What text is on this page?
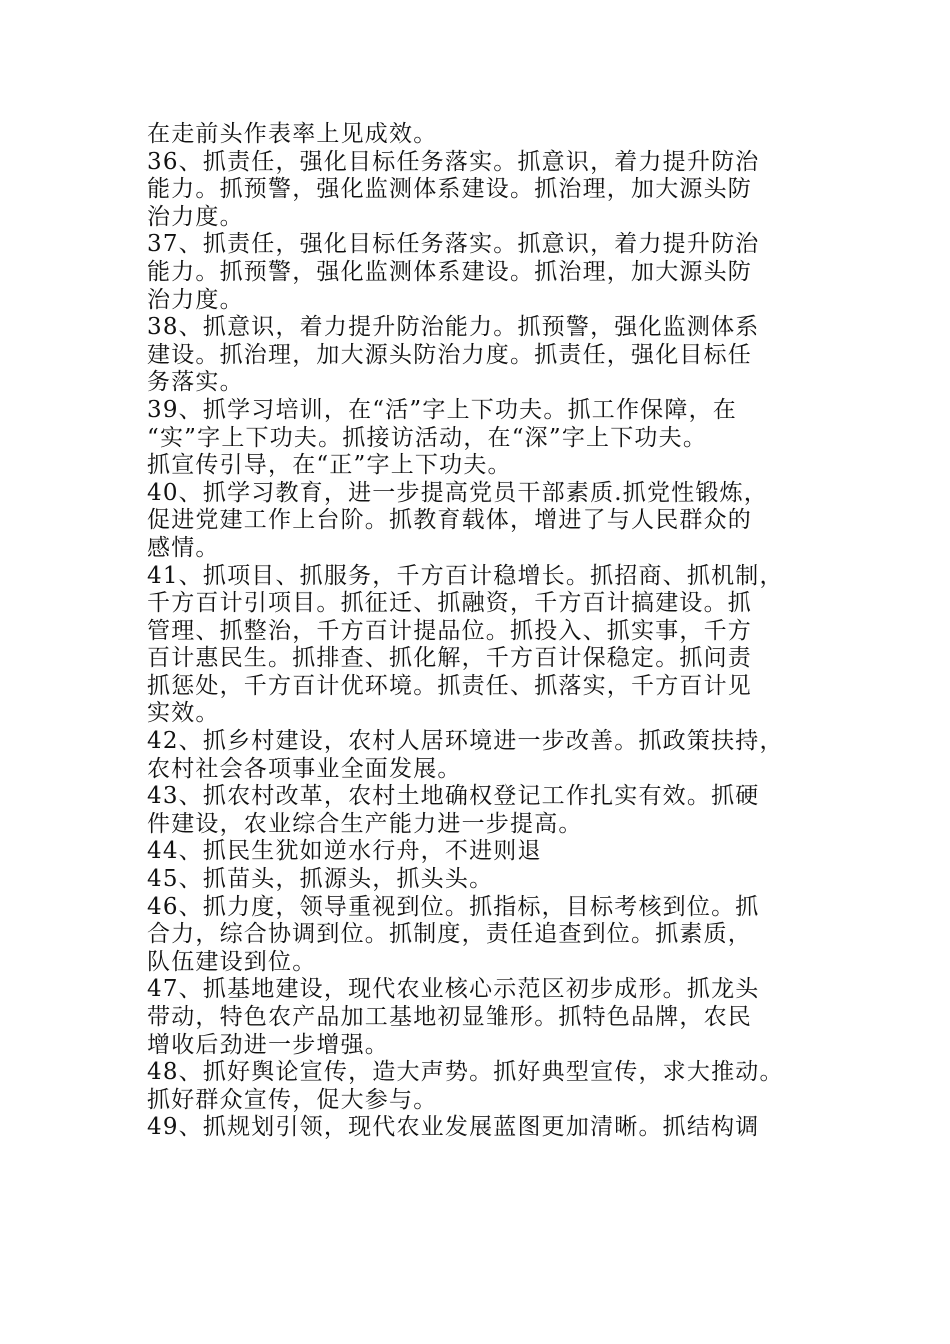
在走前头作表率上见成效。

36、抓责任，强化目标任务落实。抓意识，着力提升防治
能力。抓预警，强化监测体系建设。抓治理，加大源头防
治力度。

37、抓责任，强化目标任务落实。抓意识，着力提升防治
能力。抓预警，强化监测体系建设。抓治理，加大源头防
治力度。

38、抓意识，着力提升防治能力。抓预警，强化监测体系
建设。抓治理，加大源头防治力度。抓责任，强化目标任
务落实。

39、抓学习培训，在“活”字上下功夫。抓工作保障，在
“实”字上下功夫。抓接访活动，在“深”字上下功夫。
抓宣传引导，在“正”字上下功夫。

40、抓学习教育，进一步提高党员干部素质.抓党性锻炼，
促进党建工作上台阶。抓教育载体，增进了与人民群众的
感情。

41、抓项目、抓服务，千方百计稳增长。抓招商、抓机制，
千方百计引项目。抓征迁、抓融资，千方百计搞建设。抓
管理、抓整治，千方百计提品位。抓投入、抓实事，千方
百计惠民生。抓排查、抓化解，千方百计保稳定。抓问责
抓惩处，千方百计优环境。抓责任、抓落实，千方百计见
实效。

42、抓乡村建设，农村人居环境进一步改善。抓政策扶持，
农村社会各项事业全面发展。

43、抓农村改革，农村土地确权登记工作扎实有效。抓硬
件建设，农业综合生产能力进一步提高。

44、抓民生犹如逆水行舟，不进则退

45、抓苗头，抓源头，抓头头。

46、抓力度，领导重视到位。抓指标，目标考核到位。抓
合力，综合协调到位。抓制度，责任追查到位。抓素质，
队伍建设到位。

47、抓基地建设，现代农业核心示范区初步成形。抓龙头
带动，特色农产品加工基地初显雏形。抓特色品牌，农民
增收后劲进一步增强。

48、抓好舆论宣传，造大声势。抓好典型宣传，求大推动。
抓好群众宣传，促大参与。

49、抓规划引领，现代农业发展蓝图更加清晰。抓结构调
